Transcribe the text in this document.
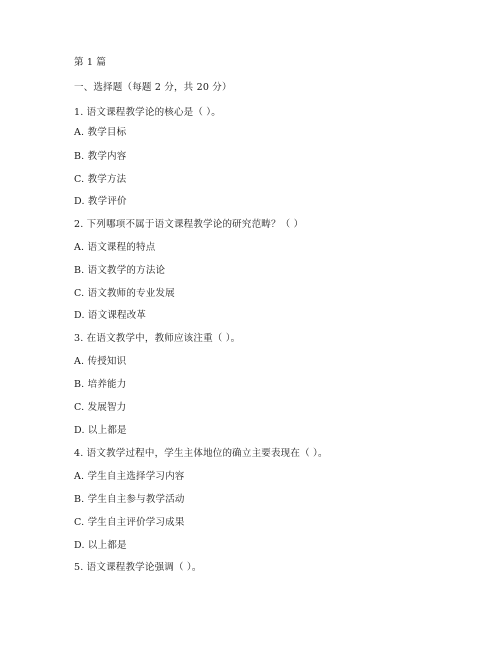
第 1 篇
一、选择题（每题 2 分，共 20 分）
1. 语文课程教学论的核心是（ ）。
A. 教学目标
B. 教学内容
C. 教学方法
D. 教学评价
2. 下列哪项不属于语文课程教学论的研究范畴？（ ）
A. 语文课程的特点
B. 语文教学的方法论
C. 语文教师的专业发展
D. 语文课程改革
3. 在语文教学中，教师应该注重（ ）。
A. 传授知识
B. 培养能力
C. 发展智力
D. 以上都是
4. 语文教学过程中，学生主体地位的确立主要表现在（ ）。
A. 学生自主选择学习内容
B. 学生自主参与教学活动
C. 学生自主评价学习成果
D. 以上都是
5. 语文课程教学论强调（ ）。
